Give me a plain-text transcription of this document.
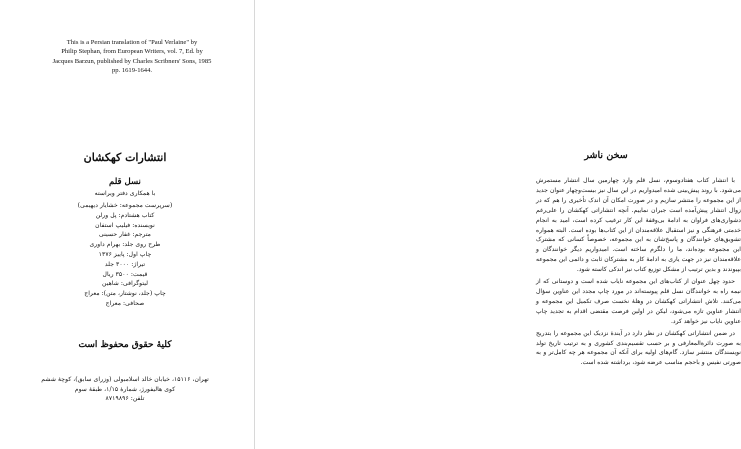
This is a Persian translation of "Paul Verlaine" by
Philip Stephan, from European Writers, vol. 7, Ed. by
Jacques Barzun, published by Charles Scribners' Sons, 1985
pp. 1619-1644.
انتشارات کهکشان
نسل قلم
با همکاری دفتر ویراسته
(سرپرست مجموعه: خشایار دیهیمی)
کتاب هشتادم: پل ورلن
نویسنده: فیلیپ استفان
مترجم: غفار حسینی
طرح روی جلد: بهرام داوری
چاپ اول: پاییز ۱۳۷۶
تیراژ: ۳۰۰۰ جلد
قیمت: ۳۵۰۰ ریال
لیتوگرافی: شاهین
چاپ (جلد، نوشتار، متن): معراج
صحافی: معراج
کلیهٔ حقوق محفوظ است
تهران، ۱۵۱۱۶، خیابان خالد اسلامبولی (وزرای سابق)، کوچهٔ ششم
کوی هالیفورژ، شمارهٔ ۱/۱۵، طبقهٔ سوم
تلفن: ۸۷۱۹۸۹۶
سخن ناشر

با انتشار کتاب هفتادوسوم، نسل قلم وارد چهارمین سال انتشار مستمرش می‌شود. با روند پیش‌بینی شده امیدواریم در این سال نیز بیست‌وچهار عنوان جدید از این مجموعه را منتشر سازیم و در صورت امکان آن اندک تأخیری را هم که در زوال انتشار پیش‌آمده است جبران نماییم. آنچه انتشاراتی کهکشان را علی‌رغم دشواری‌های فراوان به ادامهٔ بی‌وقفهٔ این کار ترغیب کرده است، امید به انجام خدمتی فرهنگی و نیز استقبال علاقه‌مندان از این کتاب‌ها بوده است. البته همواره تشویق‌های خوانندگان و پاسخ‌شان به این مجموعه، خصوصاً کسانی که مشترک این مجموعه بوده‌اند، ما را دلگرم ساخته است. امیدواریم دیگر خوانندگان و علاقه‌مندان نیز در جهت یاری به ادامهٔ کار به مشترکان ثابت و دائمی این مجموعه بپیوندند و بدین ترتیب از مشکل توزیع کتاب نیز اندکی کاسته شود.

حدود چهل عنوان از کتاب‌های این مجموعه نایاب شده است و دوستانی که از نیمه راه به خوانندگان نسل قلم پیوسته‌اند در مورد چاپ مجدد این عناوین سؤال می‌کنند. تلاش انتشاراتی کهکشان در وهلهٔ نخست صرف تکمیل این مجموعه و انتشار عناوین تازه می‌شود، لیکن در اولین فرصت مقتضی اقدام به تجدید چاپ عناوین نایاب نیز خواهد کرد.

در ضمن انتشاراتی کهکشان در نظر دارد در آیندهٔ نزدیک این مجموعه را بتدریج به صورت دائرةالمعارفی و بر حسب تقسیم‌بندی کشوری و به ترتیب تاریخ تولد نویسندگان منتشر سازد. گام‌های اولیه برای آنکه آن مجموعه هر چه کامل‌تر و به صورتی نفیس و باحجم مناسب عرضه شود، برداشته شده است.
